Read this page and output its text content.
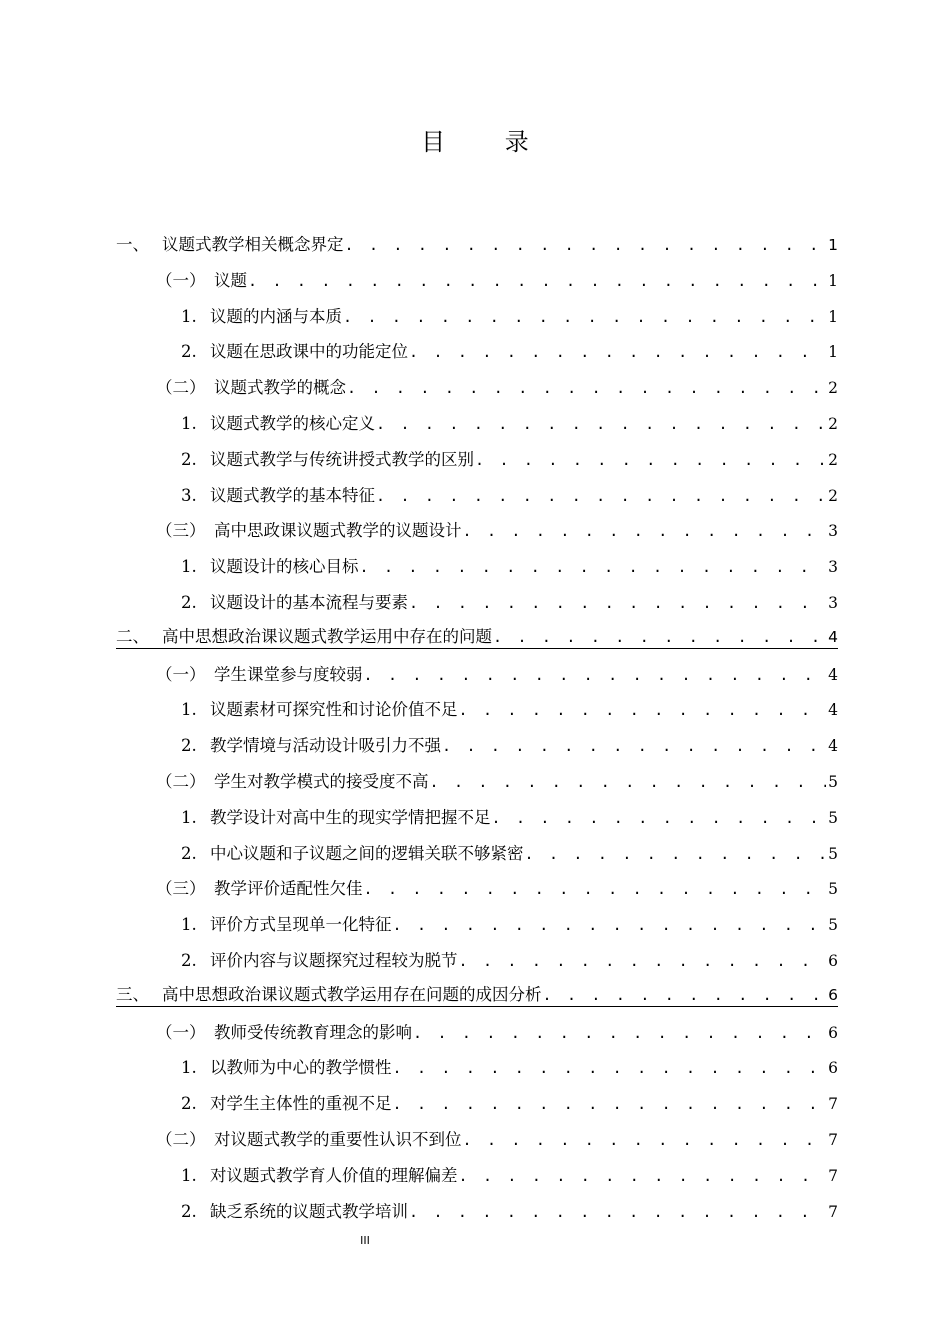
目 录
一、 议题式教学相关概念界定 . . .	1
（一） 议题 . . .	1
1. 议题的内涵与本质 . . .	1
2. 议题在思政课中的功能定位 . . .	1
（二） 议题式教学的概念 . . .	2
1. 议题式教学的核心定义 . . .	2
2. 议题式教学与传统讲授式教学的区别 . . .	2
3. 议题式教学的基本特征 . . .	2
（三） 高中思政课议题式教学的议题设计 . . .	3
1. 议题设计的核心目标 . . .	3
2. 议题设计的基本流程与要素 . . .	3
二、 高中思想政治课议题式教学运用中存在的问题 . . .	4
（一） 学生课堂参与度较弱 . . .	4
1. 议题素材可探究性和讨论价值不足 . . .	4
2. 教学情境与活动设计吸引力不强 . . .	4
（二） 学生对教学模式的接受度不高 . . .	5
1. 教学设计对高中生的现实学情把握不足 . . .	5
2. 中心议题和子议题之间的逻辑关联不够紧密 . . .	5
（三） 教学评价适配性欠佳 . . .	5
1. 评价方式呈现单一化特征 . . .	5
2. 评价内容与议题探究过程较为脱节 . . .	6
三、 高中思想政治课议题式教学运用存在问题的成因分析 . . .	6
（一） 教师受传统教育理念的影响 . . .	6
1. 以教师为中心的教学惯性 . . .	6
2. 对学生主体性的重视不足 . . .	7
（二） 对议题式教学的重要性认识不到位 . . .	7
1. 对议题式教学育人价值的理解偏差 . . .	7
2. 缺乏系统的议题式教学培训 . . .	7
III
